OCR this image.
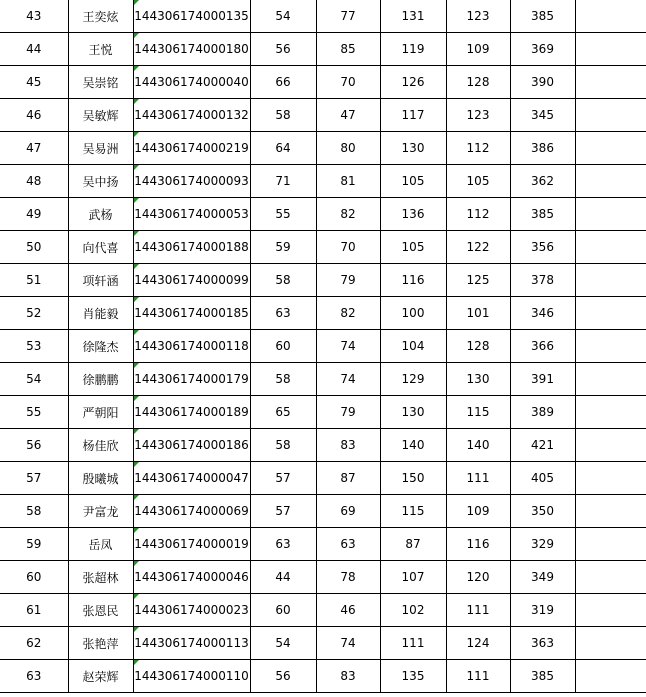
43	王奕炫	144306174000135	54	77	131	123	385	
44	王悦	144306174000180	56	85	119	109	369	
45	吴崇铭	144306174000040	66	70	126	128	390	
46	吴敏辉	144306174000132	58	47	117	123	345	
47	吴易洲	144306174000219	64	80	130	112	386	
48	吴中扬	144306174000093	71	81	105	105	362	
49	武杨	144306174000053	55	82	136	112	385	
50	向代喜	144306174000188	59	70	105	122	356	
51	项轩涵	144306174000099	58	79	116	125	378	
52	肖能毅	144306174000185	63	82	100	101	346	
53	徐隆杰	144306174000118	60	74	104	128	366	
54	徐鹏鹏	144306174000179	58	74	129	130	391	
55	严朝阳	144306174000189	65	79	130	115	389	
56	杨佳欣	144306174000186	58	83	140	140	421	
57	殷曦城	144306174000047	57	87	150	111	405	
58	尹富龙	144306174000069	57	69	115	109	350	
59	岳凤	144306174000019	63	63	87	116	329	
60	张超林	144306174000046	44	78	107	120	349	
61	张恩民	144306174000023	60	46	102	111	319	
62	张艳萍	144306174000113	54	74	111	124	363	
63	赵荣辉	144306174000110	56	83	135	111	385	
